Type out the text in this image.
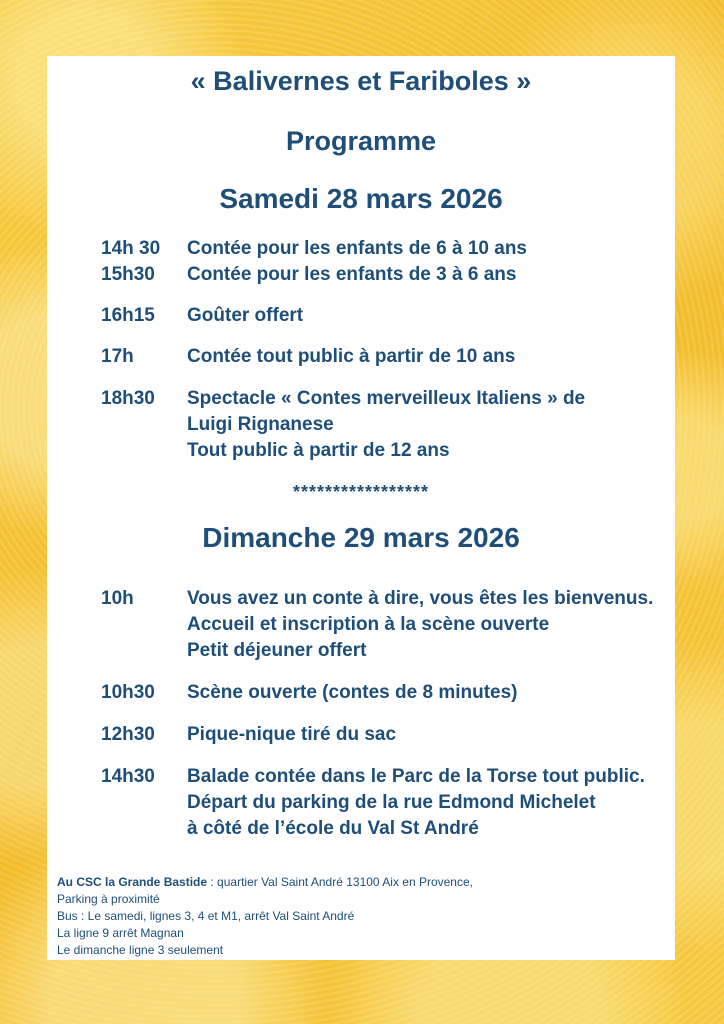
« Balivernes et Fariboles »
Programme
Samedi 28 mars 2026
14h 30	Contée pour les enfants de 6 à 10 ans
15h30	Contée pour les enfants de 3 à 6 ans
16h15	Goûter offert
17h	Contée tout public à partir de 10 ans
18h30	Spectacle « Contes merveilleux Italiens » de
Luigi Rignanese
Tout public à partir de 12 ans
*****************
Dimanche 29 mars 2026
10h	Vous avez un conte à dire, vous êtes les bienvenus.
Accueil et inscription à la scène ouverte
Petit déjeuner offert
10h30	Scène ouverte (contes de 8 minutes)
12h30	Pique-nique tiré du sac
14h30	Balade contée dans le Parc de la Torse tout public.
Départ du parking de la rue Edmond Michelet
à côté de l’école du Val St André
Au CSC la Grande Bastide : quartier Val Saint André 13100 Aix en Provence,
Parking à proximité
Bus : Le samedi, lignes 3, 4 et M1, arrêt Val Saint André
La ligne 9 arrêt Magnan
Le dimanche ligne 3 seulement
